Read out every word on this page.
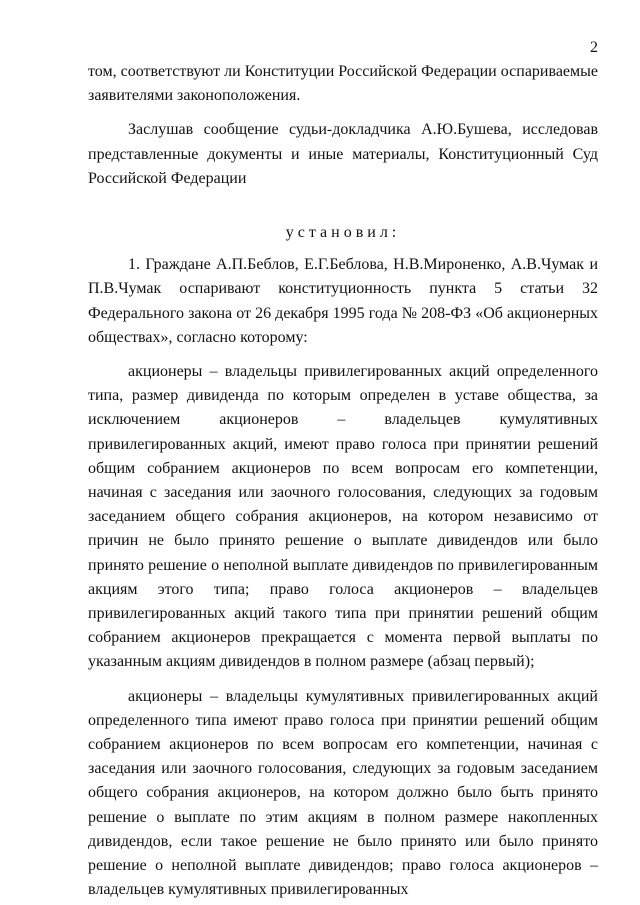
2

том, соответствуют ли Конституции Российской Федерации оспариваемые заявителями законоположения.

Заслушав сообщение судьи-докладчика А.Ю.Бушева, исследовав представленные документы и иные материалы, Конституционный Суд Российской Федерации

установил:

1. Граждане А.П.Беблов, Е.Г.Беблова, Н.В.Мироненко, А.В.Чумак и П.В.Чумак оспаривают конституционность пункта 5 статьи 32 Федерального закона от 26 декабря 1995 года № 208-ФЗ «Об акционерных обществах», согласно которому:

акционеры – владельцы привилегированных акций определенного типа, размер дивиденда по которым определен в уставе общества, за исключением акционеров – владельцев кумулятивных привилегированных акций, имеют право голоса при принятии решений общим собранием акционеров по всем вопросам его компетенции, начиная с заседания или заочного голосования, следующих за годовым заседанием общего собрания акционеров, на котором независимо от причин не было принято решение о выплате дивидендов или было принято решение о неполной выплате дивидендов по привилегированным акциям этого типа; право голоса акционеров – владельцев привилегированных акций такого типа при принятии решений общим собранием акционеров прекращается с момента первой выплаты по указанным акциям дивидендов в полном размере (абзац первый);

акционеры – владельцы кумулятивных привилегированных акций определенного типа имеют право голоса при принятии решений общим собранием акционеров по всем вопросам его компетенции, начиная с заседания или заочного голосования, следующих за годовым заседанием общего собрания акционеров, на котором должно было быть принято решение о выплате по этим акциям в полном размере накопленных дивидендов, если такое решение не было принято или было принято решение о неполной выплате дивидендов; право голоса акционеров – владельцев кумулятивных привилегированных
